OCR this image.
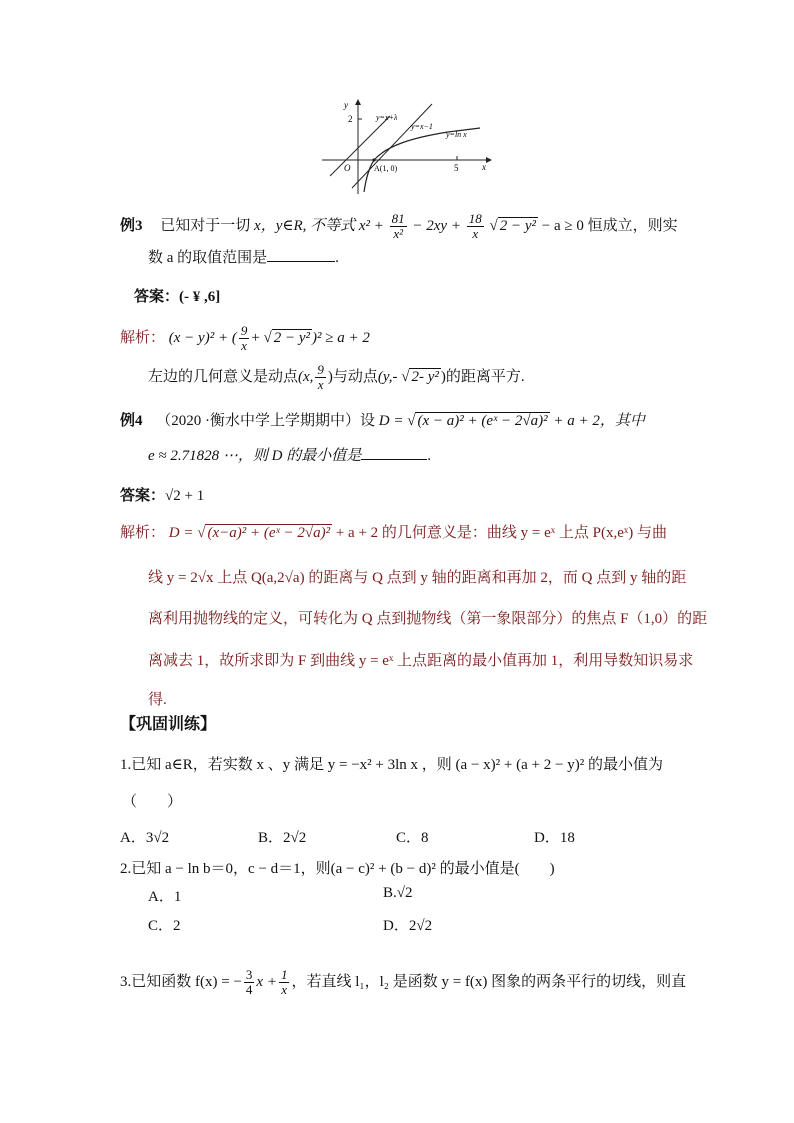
y
2
O	A(1, 0)	5	x
y=x+λ
y=x−1
y=ln x
例3 已知对于一切 x，y∈R, 不等式 $x^2 + \frac{81}{\text{x²}} - 2xy + \frac{18}{x}$ √ 2 − y² − a ≥ 0 恒成立，则实
数 a 的取值范围是	.
答案：(- ¥ ,6]
解析： (x − y)² + ( $\frac{9}{x}$ + √ 2 − y² )² ≥ a + 2
左边的几何意义是动点(x, $\frac{9}{x}$ )与动点(y,- √ 2- y² )的距离平方.
例4 （2020 ·衡水中学上学期期中）设 D = √ (x − a)² + (eˣ − 2√a)² + a + 2，其中
e ≈ 2.71828 ⋯，则 D 的最小值是	.
答案：√2 + 1
解析： D = √ (x−a)² + (eˣ − 2√a)² + a + 2 的几何意义是：曲线 y = eˣ 上点 P(x,eˣ) 与曲
线 y = 2√x 上点 Q(a,2√a) 的距离与 Q 点到 y 轴的距离和再加 2，而 Q 点到 y 轴的距
离利用抛物线的定义，可转化为 Q 点到抛物线（第一象限部分）的焦点 F（1,0）的距
离减去 1，故所求即为 F 到曲线 y = eˣ 上点距离的最小值再加 1，利用导数知识易求
得.
【巩固训练】
1.已知 a∈R，若实数 x 、y 满足 y = −x² + 3ln x ，则 (a − x)² + (a + 2 − y)² 的最小值为
（　　）
A．3√2	B．2√2	C．8	D．18
2.已知 a − ln b＝0，c − d＝1，则(a − c)² + (b − d)² 的最小值是(　　)
A．1	B.√2
C．2	D．2√2
3.已知函数 f(x) = − $\frac{3}{4}$ $x + \frac{1}{x}$ ，若直线 l₁，l₂ 是函数 y = f(x) 图象的两条平行的切线，则直
